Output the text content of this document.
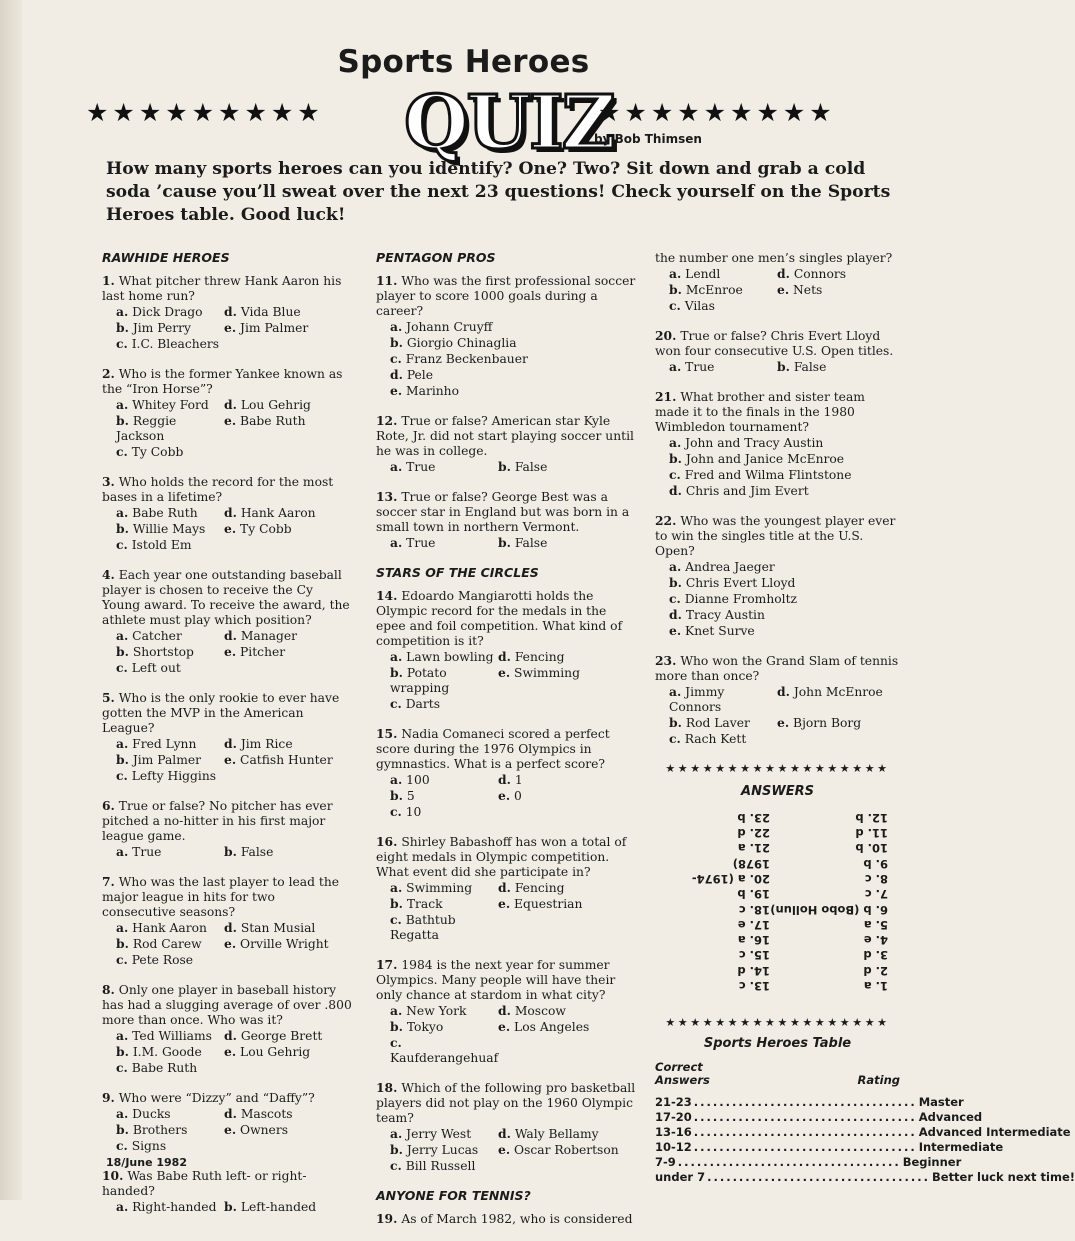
Sports Heroes
★★★★★★★★★ QUIZ
★★★★★★★★★
by Bob Thimsen
How many sports heroes can you identify? One? Two? Sit down and grab a cold soda ’cause you’ll sweat over the next 23 questions! Check yourself on the Sports Heroes table. Good luck!
RAWHIDE HEROES
1. What pitcher threw Hank Aaron his last home run?
a. Dick Drago	d. Vida Blue
b. Jim Perry	e. Jim Palmer
c. I.C. Bleachers
2. Who is the former Yankee known as the “Iron Horse”?
a. Whitey Ford	d. Lou Gehrig
b. Reggie Jackson
e. Babe Ruth
c. Ty Cobb
3. Who holds the record for the most bases in a lifetime?
a. Babe Ruth	d. Hank Aaron
b. Willie Mays	e. Ty Cobb
c. Istold Em
4. Each year one outstanding baseball player is chosen to receive the Cy Young award. To receive the award, the athlete must play which position?
a. Catcher	d. Manager
b. Shortstop	e. Pitcher
c. Left out
5. Who is the only rookie to ever have gotten the MVP in the American League?
a. Fred Lynn	d. Jim Rice
b. Jim Palmer	e. Catfish Hunter
c. Lefty Higgins
6. True or false? No pitcher has ever pitched a no-hitter in his first major league game.
a. True	b. False
7. Who was the last player to lead the major league in hits for two consecutive seasons?
a. Hank Aaron	d. Stan Musial
b. Rod Carew	e. Orville Wright
c. Pete Rose
8. Only one player in baseball history has had a slugging average of over .800 more than once. Who was it?
a. Ted Williams d. George Brett
b. I.M. Goode	e. Lou Gehrig
c. Babe Ruth
9. Who were “Dizzy” and “Daffy”?
a. Ducks	d. Mascots
b. Brothers	e. Owners
c. Signs
10. Was Babe Ruth left- or right-handed?
a. Right-handed b. Left-handed
PENTAGON PROS
11. Who was the first professional soccer player to score 1000 goals during a career?
a. Johann Cruyff
b. Giorgio Chinaglia
c. Franz Beckenbauer
d. Pele
e. Marinho
12. True or false? American star Kyle Rote, Jr. did not start playing soccer until he was in college.
a. True	b. False
13. True or false? George Best was a soccer star in England but was born in a small town in northern Vermont.
a. True	b. False
STARS OF THE CIRCLES
14. Edoardo Mangiarotti holds the Olympic record for the medals in the epee and foil competition. What kind of competition is it?
a. Lawn bowling d. Fencing
b. Potato wrapping
e. Swimming
c. Darts
15. Nadia Comaneci scored a perfect score during the 1976 Olympics in gymnastics. What is a perfect score?
a. 100	d. 1
b. 5	e. 0
c. 10
16. Shirley Babashoff has won a total of eight medals in Olympic competition. What event did she participate in?
a. Swimming	d. Fencing
b. Track	e. Equestrian
c. Bathtub Regatta
17. 1984 is the next year for summer Olympics. Many people will have their only chance at stardom in what city?
a. New York	d. Moscow
b. Tokyo	e. Los Angeles
c. Kaufderangehuaf
18. Which of the following pro basketball players did not play on the 1960 Olympic team?
a. Jerry West	d. Waly Bellamy
b. Jerry Lucas	e. Oscar Robertson
c. Bill Russell
ANYONE FOR TENNIS?
19. As of March 1982, who is considered
the number one men’s singles player?
a. Lendl	d. Connors
b. McEnroe	e. Nets
c. Vilas
20. True or false? Chris Evert Lloyd won four consecutive U.S. Open titles.
a. True	b. False
21. What brother and sister team made it to the finals in the 1980 Wimbledon tournament?
a. John and Tracy Austin
b. John and Janice McEnroe
c. Fred and Wilma Flintstone
d. Chris and Jim Evert
22. Who was the youngest player ever to win the singles title at the U.S. Open?
a. Andrea Jaeger
b. Chris Evert Lloyd
c. Dianne Fromholtz
d. Tracy Austin
e. Knet Surve
23. Who won the Grand Slam of tennis more than once?
a. Jimmy Connors
d. John McEnroe
b. Rod Laver	e. Bjorn Borg
c. Rach Kett
★★★★★★★★★★★★★★★★★★
ANSWERS
1. a
2. d
3. d
4. e
5. a
6. b (Bobo Hollun)
7. c
8. c
9. b
10. b
11. d
12. b
13. c
14. d
15. c
16. a
17. e
18. c
19. b
20. a (1974-1978)
21. a
22. d
23. b
★★★★★★★★★★★★★★★★★★
Sports Heroes Table
Correct
Answers	Rating
21-23 ................................... Master
17-20 ................................... Advanced
13-16 ................................... Advanced Intermediate
10-12 ................................... Intermediate
7-9 ................................... Beginner
under 7 ................................... Better luck next time!
18/June 1982
